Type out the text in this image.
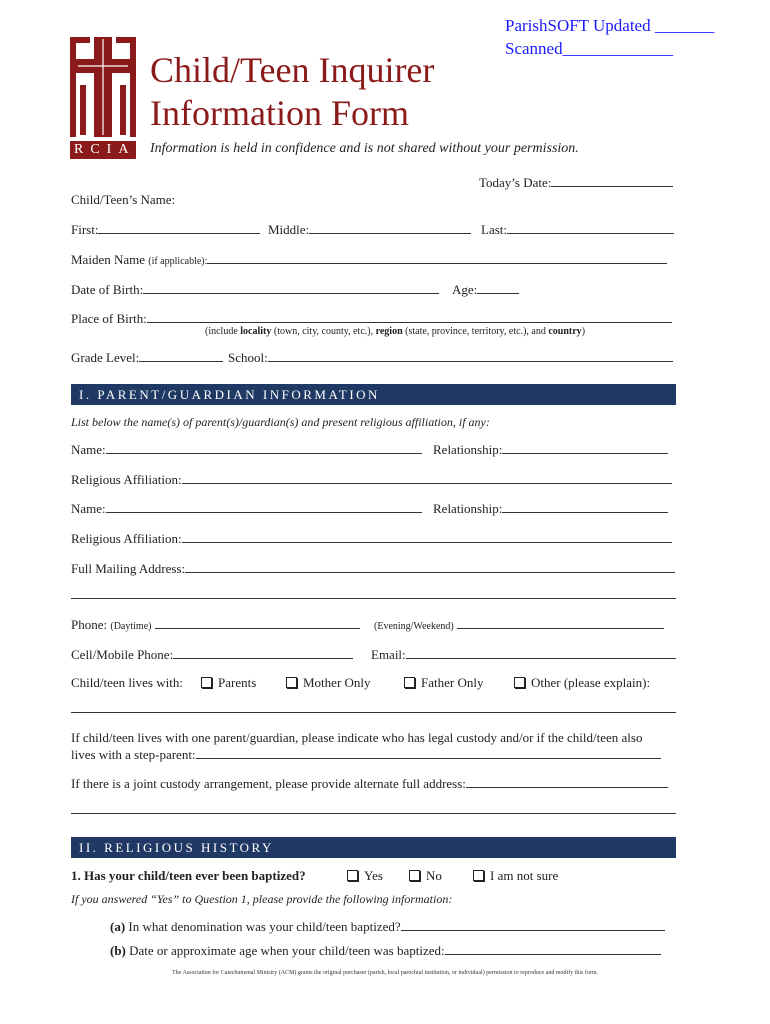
ParishSOFT Updated _______
Scanned_____________
RCIA
Child/Teen Inquirer
Information Form
Information is held in confidence and is not shared without your permission.
Today’s Date:
Child/Teen’s Name:
First:	Middle:	Last:
Maiden Name (if applicable):
Date of Birth:	Age:
Place of Birth:
(include locality (town, city, county, etc.), region (state, province, territory, etc.), and country)
Grade Level:	School:
I. PARENT/GUARDIAN INFORMATION
List below the name(s) of parent(s)/guardian(s) and present religious affiliation, if any:
Name:	Relationship:
Religious Affiliation:
Name:	Relationship:
Religious Affiliation:
Full Mailing Address:
Phone: (Daytime)	(Evening/Weekend)
Cell/Mobile Phone:	Email:
Child/teen lives with:	Parents	Mother Only	Father Only	Other (please explain):
If child/teen lives with one parent/guardian, please indicate who has legal custody and/or if the child/teen also
lives with a step-parent:
If there is a joint custody arrangement, please provide alternate full address:
II. RELIGIOUS HISTORY
1. Has your child/teen ever been baptized?	Yes	No	I am not sure
If you answered “Yes” to Question 1, please provide the following information:
(a) In what denomination was your child/teen baptized?
(b) Date or approximate age when your child/teen was baptized:
The Association for Catechumenal Ministry (ACM) grants the original purchaser (parish, local parochial institution, or individual) permission to reproduce and modify this form.
